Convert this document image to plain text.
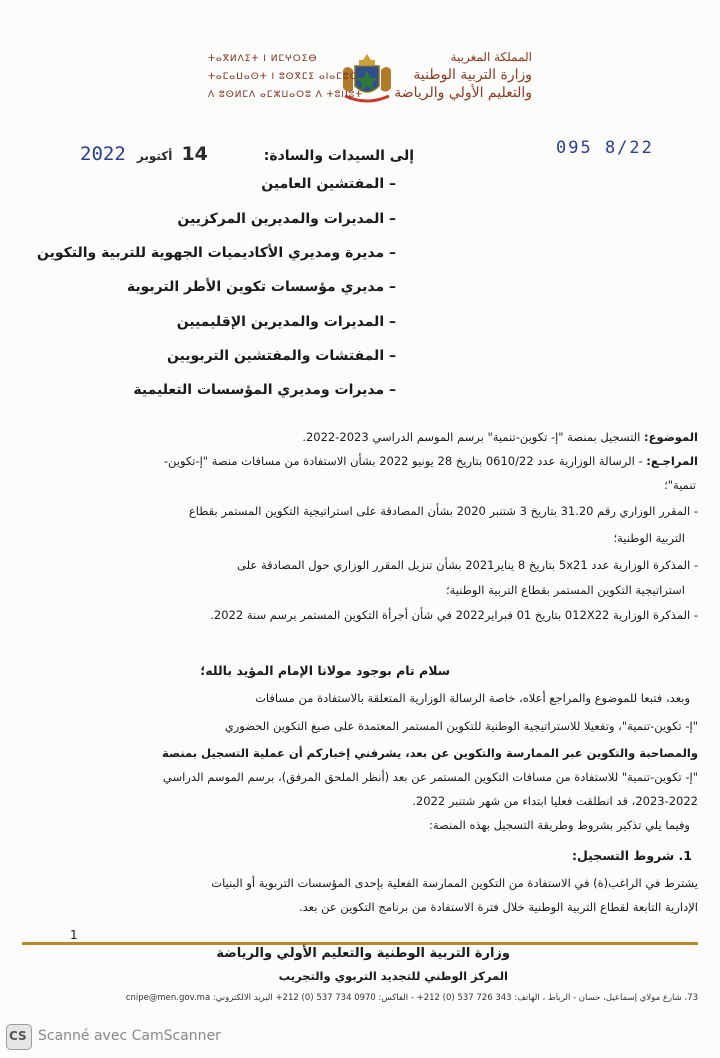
المملكة المغربية
وزارة التربية الوطنية
والتعليم الأولي والرياضة
ⵜⴰⴳⵍⴷⵉⵜ ⵏ ⵍⵎⵖⵔⵉⴱ
ⵜⴰⵎⴰⵡⴰⵙⵜ ⵏ ⵓⵙⴳⵎⵉ ⴰⵏⴰⵎⵓⵔ
ⴷ ⵓⵙⵍⵎⴷ ⴰⵎⵣⵡⴰⵔⵓ ⴷ ⵜⵓⵏⵏⵓⵜ
095 8/22
2022 أكتوبر 14	إلى السيدات والسادة:
– المفتشين العامين
– المديرات والمديرين المركزيين
– مديرة ومديري الأكاديميات الجهوية للتربية والتكوين
– مديري مؤسسات تكوين الأطر التربوية
– المديرات والمديرين الإقليميين
– المفتشات والمفتشين التربويين
– مديرات ومديري المؤسسات التعليمية
الموضوع: التسجيل بمنصة "إ- تكوين-تنمية" برسم الموسم الدراسي 2023-2022.
المراجـع: - الرسالة الوزارية عدد 0610/22 بتاريخ 28 يونيو 2022 بشأن الاستفادة من مسافات منصة "إ-تكوين-
تنمية"؛
- المقرر الوزاري رقم 31.20 بتاريخ 3 شتنبر 2020 بشأن المصادقة على استراتيجية التكوين المستمر بقطاع
التربية الوطنية؛
- المذكرة الوزارية عدد 5x21 بتاريخ 8 يناير2021 بشأن تنزيل المقرر الوزاري حول المصادقة على
استراتيجية التكوين المستمر بقطاع التربية الوطنية؛
- المذكرة الوزارية 012X22 بتاريخ 01 فبراير2022 في شأن أجرأة التكوين المستمر برسم سنة 2022.
سلام تام بوجود مولانا الإمام المؤيد بالله؛
وبعد، فتبعا للموضوع والمراجع أعلاه، خاصة الرسالة الوزارية المتعلقة بالاستفادة من مسافات
"إ- تكوين-تنمية"، وتفعيلا للاستراتيجية الوطنية للتكوين المستمر المعتمدة على صيغ التكوين الحضوري
والمصاحبة والتكوين عبر الممارسة والتكوين عن بعد، يشرفني إخباركم أن عملية التسجيل بمنصة
"إ- تكوين-تنمية" للاستفادة من مسافات التكوين المستمر عن بعد (أنظر الملحق المرفق)، برسم الموسم الدراسي
2023-2022، قد انطلقت فعليا ابتداء من شهر شتنبر 2022.
وفيما يلي تذكير بشروط وطريقة التسجيل بهذه المنصة:
1. شروط التسجيل:
يشترط في الراغب(ة) في الاستفادة من التكوين الممارسة الفعلية بإحدى المؤسسات التربوية أو البنيات
الإدارية التابعة لقطاع التربية الوطنية خلال فترة الاستفادة من برنامج التكوين عن بعد.
1
وزارة التربية الوطنية والتعليم الأولي والرياضة
المركز الوطني للتجديد التربوي والتجريب
73، شارع مولاي إسماعيل، حسان - الرباط ، الهاتف: 343 726 537 (0) 212+ - الفاكس: 0970 734 537 (0) 212+ البريد الالكتروني: cnipe@men.gov.ma
CS Scanné avec CamScanner
